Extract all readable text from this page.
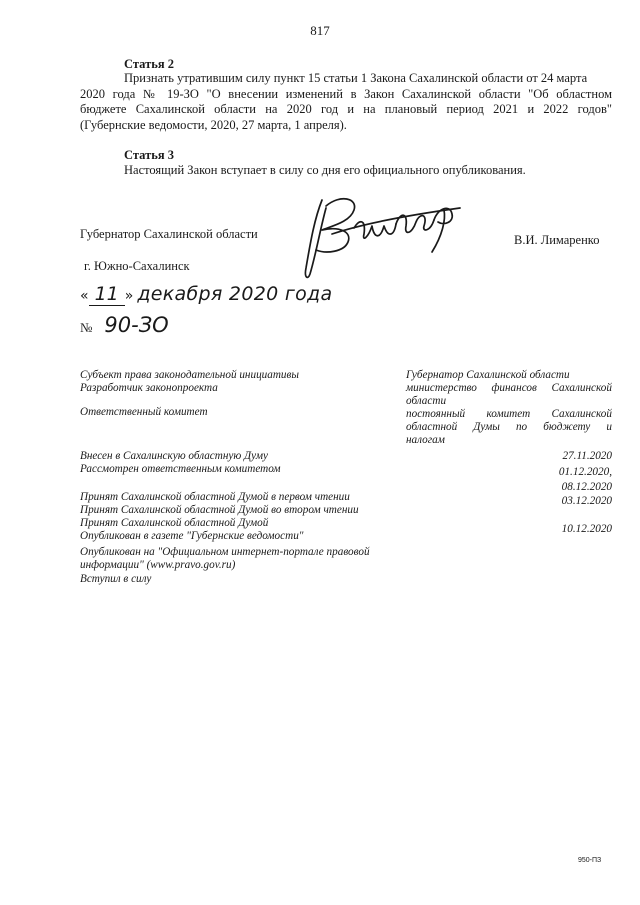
817
Статья 2
Признать утратившим силу пункт 15 статьи 1 Закона Сахалинской области от 24 марта
2020 года № 19-ЗО "О внесении изменений в Закон Сахалинской области "Об областном
бюджете Сахалинской области на 2020 год и на плановый период 2021 и 2022 годов"
(Губернские ведомости, 2020, 27 марта, 1 апреля).
Статья 3
Настоящий Закон вступает в силу со дня его официального опубликования.
Губернатор Сахалинской области	В.И. Лимаренко
г. Южно-Сахалинск
« 11 » декабря 2020 года
№ 90-ЗО
Субъект права законодательной инициативы
Разработчик законопроекта
Ответственный комитет
Внесен в Сахалинскую областную Думу
Рассмотрен ответственным комитетом
Принят Сахалинской областной Думой в первом чтении
Принят Сахалинской областной Думой во втором чтении
Принят Сахалинской областной Думой
Опубликован в газете "Губернские ведомости"
Опубликован на "Официальном интернет-портале правовой
информации" (www.pravo.gov.ru)
Вступил в силу
Губернатор Сахалинской области
министерство финансов Сахалинской
области
постоянный комитет Сахалинской
областной Думы по бюджету и
налогам
27.11.2020
01.12.2020,
08.12.2020
03.12.2020
10.12.2020
950-ПЗ
